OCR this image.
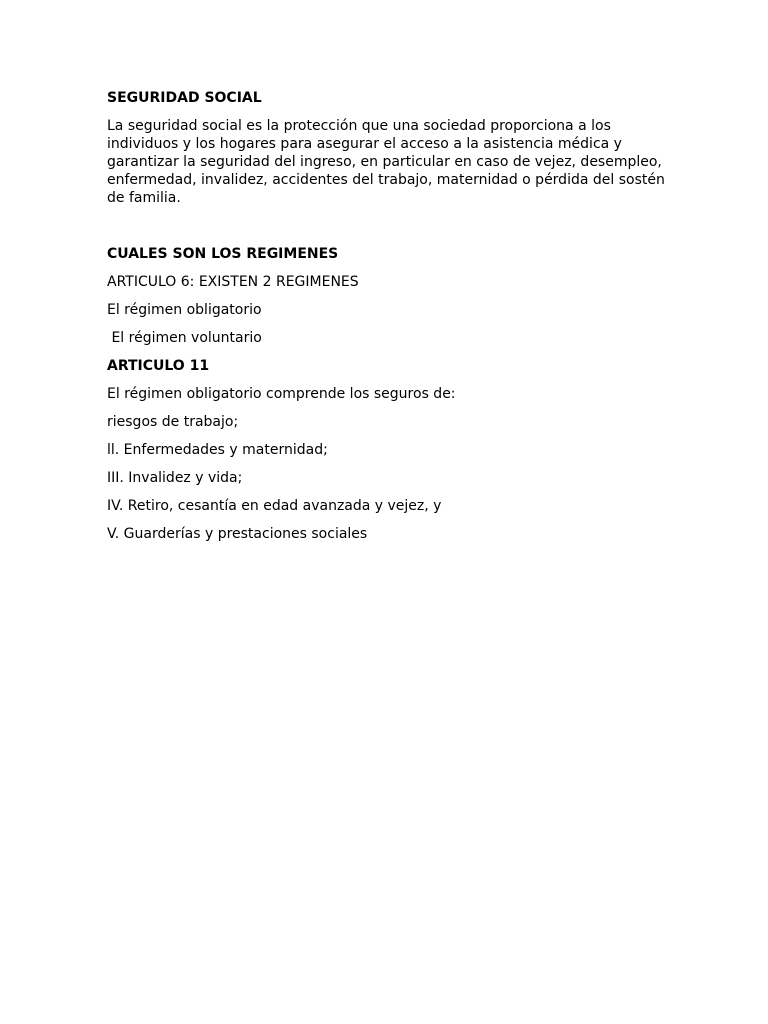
SEGURIDAD SOCIAL

La seguridad social es la protección que una sociedad proporciona a los

individuos y los hogares para asegurar el acceso a la asistencia médica y

garantizar la seguridad del ingreso, en particular en caso de vejez, desempleo,

enfermedad, invalidez, accidentes del trabajo, maternidad o pérdida del sostén

de familia.

CUALES SON LOS REGIMENES

ARTICULO 6: EXISTEN 2 REGIMENES

El régimen obligatorio

El régimen voluntario

ARTICULO 11

El régimen obligatorio comprende los seguros de:

riesgos de trabajo;

ll. Enfermedades y maternidad;

III. Invalidez y vida;

IV. Retiro, cesantía en edad avanzada y vejez, y

V. Guarderías y prestaciones sociales
